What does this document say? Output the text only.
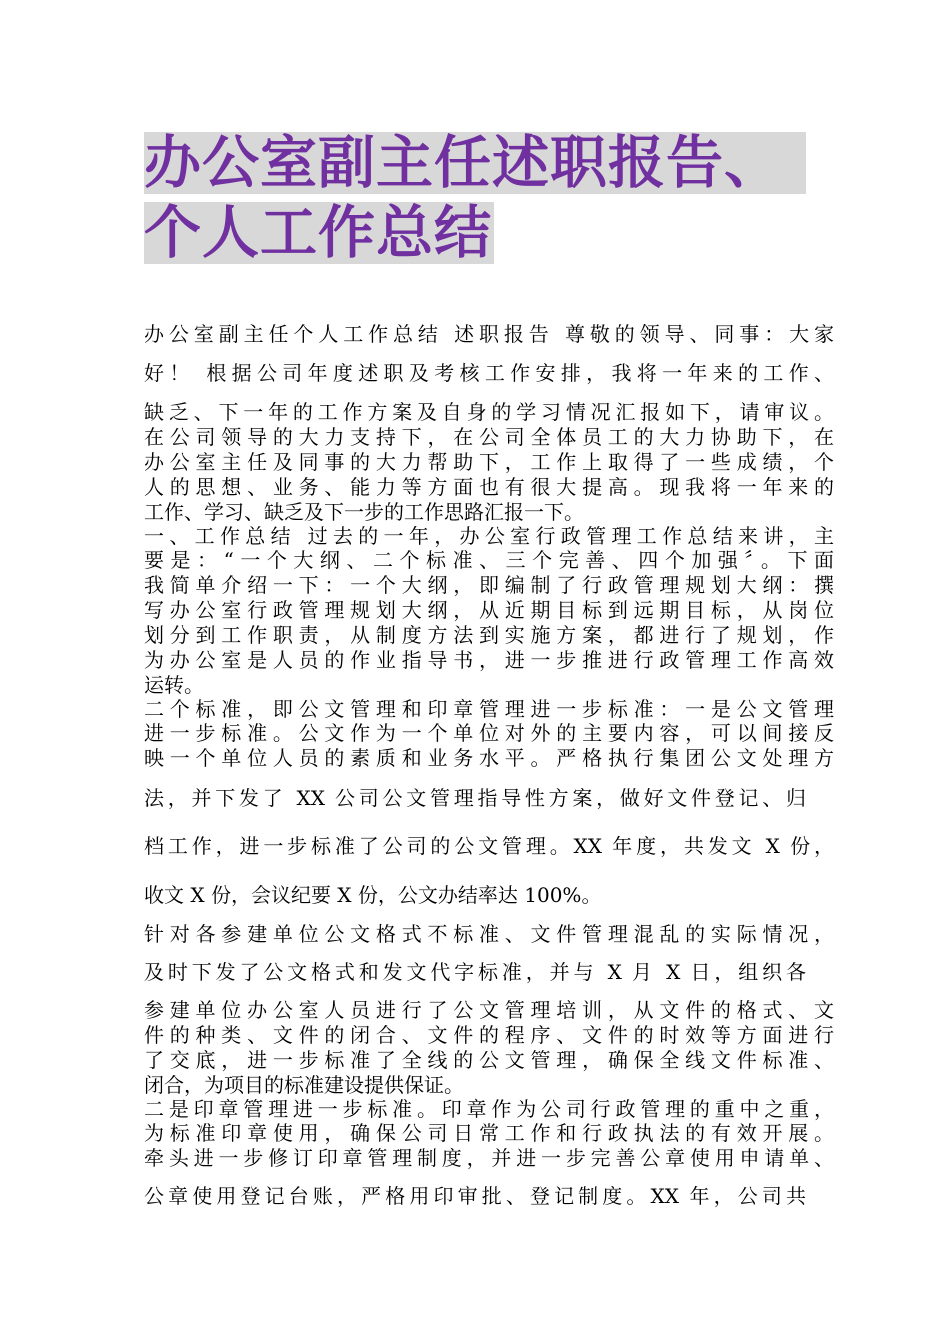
办公室副主任述职报告、
个人工作总结
办公室副主任个人工作总结 述职报告 尊敬的领导、同事：大家
好！ 根据公司年度述职及考核工作安排，我将一年来的工作、
缺乏、下一年的工作方案及自身的学习情况汇报如下，请审议。
在公司领导的大力支持下，在公司全体员工的大力协助下，在
办公室主任及同事的大力帮助下，工作上取得了一些成绩，个
人的思想、业务、能力等方面也有很大提高。现我将一年来的
工作、学习、缺乏及下一步的工作思路汇报一下。
一、工作总结 过去的一年，办公室行政管理工作总结来讲，主
要是：“一个大纲、二个标准、三个完善、四个加强〞。下面
我简单介绍一下：一个大纲，即编制了行政管理规划大纲：撰
写办公室行政管理规划大纲，从近期目标到远期目标，从岗位
划分到工作职责，从制度方法到实施方案，都进行了规划，作
为办公室是人员的作业指导书，进一步推进行政管理工作高效
运转。
二个标准，即公文管理和印章管理进一步标准：一是公文管理
进一步标准。公文作为一个单位对外的主要内容，可以间接反
映一个单位人员的素质和业务水平。严格执行集团公文处理方
法，并下发了 XX 公司公文管理指导性方案，做好文件登记、归
档工作，进一步标准了公司的公文管理。XX 年度，共发文 X 份，
收文 X 份，会议纪要 X 份，公文办结率达 100%。
针对各参建单位公文格式不标准、文件管理混乱的实际情况，
及时下发了公文格式和发文代字标准，并与 X 月 X 日，组织各
参建单位办公室人员进行了公文管理培训，从文件的格式、文
件的种类、文件的闭合、文件的程序、文件的时效等方面进行
了交底，进一步标准了全线的公文管理，确保全线文件标准、
闭合，为项目的标准建设提供保证。
二是印章管理进一步标准。印章作为公司行政管理的重中之重，
为标准印章使用，确保公司日常工作和行政执法的有效开展。
牵头进一步修订印章管理制度，并进一步完善公章使用申请单、
公章使用登记台账，严格用印审批、登记制度。XX 年，公司共
